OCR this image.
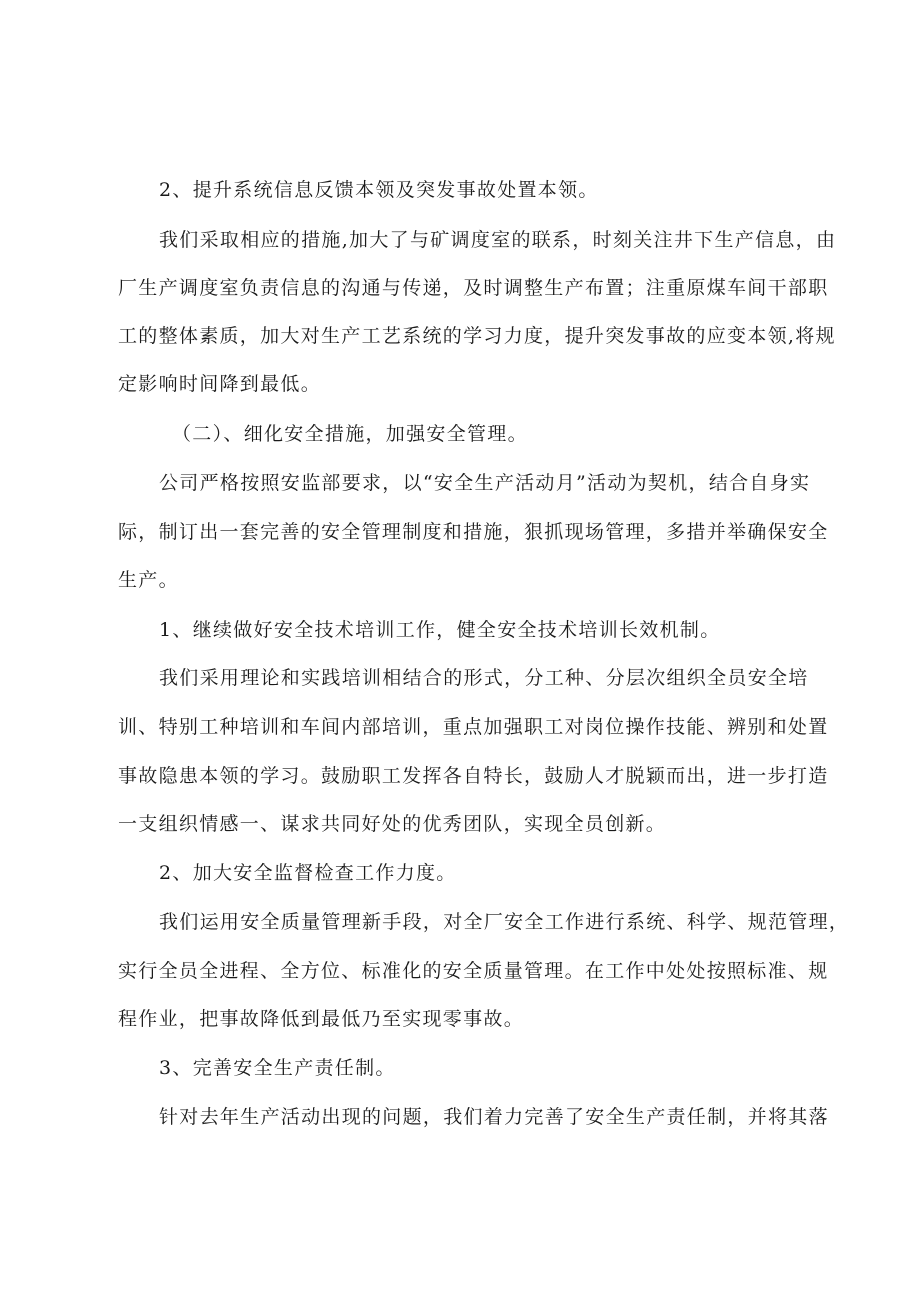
2、提升系统信息反馈本领及突发事故处置本领。

我们采取相应的措施,加大了与矿调度室的联系，时刻关注井下生产信息，由

厂生产调度室负责信息的沟通与传递，及时调整生产布置；注重原煤车间干部职

工的整体素质，加大对生产工艺系统的学习力度，提升突发事故的应变本领,将规

定影响时间降到最低。

（二）、细化安全措施，加强安全管理。

公司严格按照安监部要求，以“安全生产活动月”活动为契机，结合自身实

际，制订出一套完善的安全管理制度和措施，狠抓现场管理，多措并举确保安全

生产。

1、继续做好安全技术培训工作，健全安全技术培训长效机制。

我们采用理论和实践培训相结合的形式，分工种、分层次组织全员安全培

训、特别工种培训和车间内部培训，重点加强职工对岗位操作技能、辨别和处置

事故隐患本领的学习。鼓励职工发挥各自特长，鼓励人才脱颖而出，进一步打造

一支组织情感一、谋求共同好处的优秀团队，实现全员创新。

2、加大安全监督检查工作力度。

我们运用安全质量管理新手段，对全厂安全工作进行系统、科学、规范管理，

实行全员全进程、全方位、标准化的安全质量管理。在工作中处处按照标准、规

程作业，把事故降低到最低乃至实现零事故。

3、完善安全生产责任制。

针对去年生产活动出现的问题，我们着力完善了安全生产责任制，并将其落
